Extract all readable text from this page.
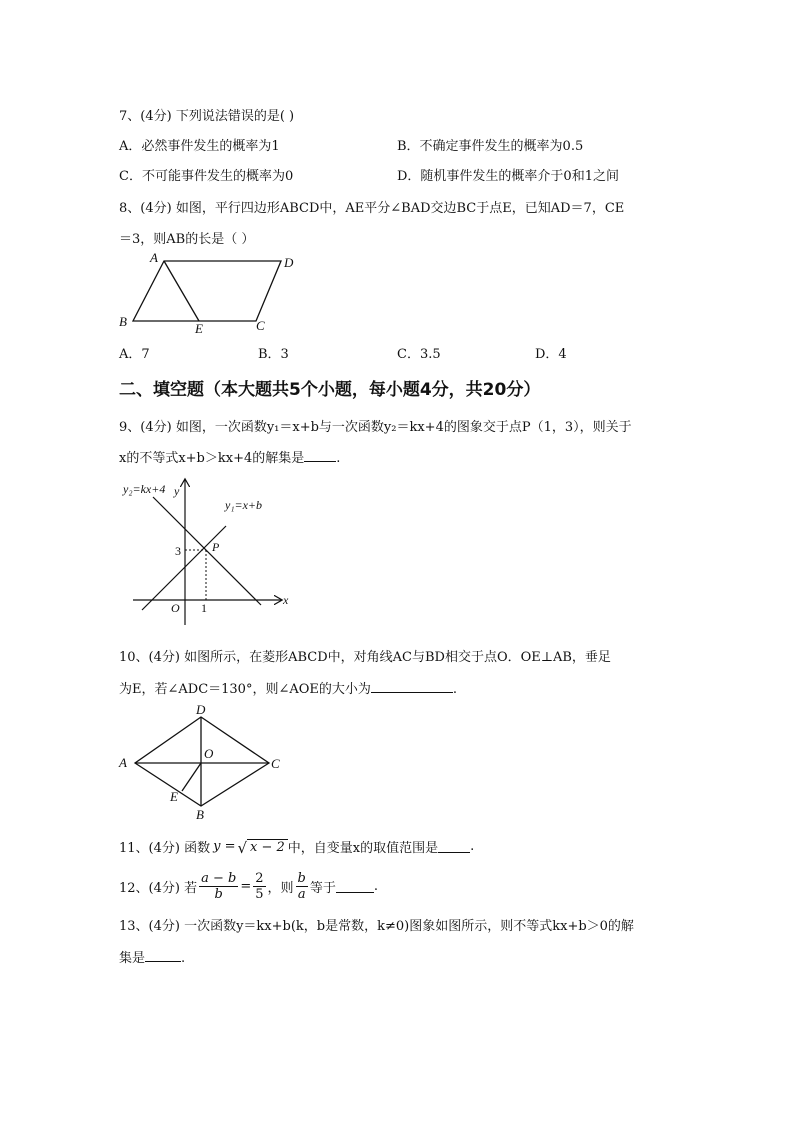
7、(4分) 下列说法错误的是( )
A．必然事件发生的概率为1	B．不确定事件发生的概率为0.5
C．不可能事件发生的概率为0	D．随机事件发生的概率介于0和1之间
8、(4分) 如图，平行四边形ABCD中，AE平分∠BAD交边BC于点E，已知AD＝7，CE
＝3，则AB的长是（ ）
A	D
B	E	C
A．7	B．3	C．3.5	D．4
二、填空题（本大题共5个小题，每小题4分，共20分）
9、(4分) 如图，一次函数y₁＝x+b与一次函数y₂＝kx+4的图象交于点P（1，3），则关于
x的不等式x+b＞kx+4的解集是 .
y₂=kx+4 y
y₁=x+b
P
3
O 1
x
10、(4分) 如图所示，在菱形ABCD中，对角线AC与BD相交于点O．OE⊥AB，垂足
为E，若∠ADC＝130°，则∠AOE的大小为	.
D
A	C
O
E
B
11、(4分) 函数 y = √ x − 2 中，自变量x的取值范围是 .
12、(4分) 若 $\frac{a - b}{b} = \frac{2}{5}$ ，则 $\frac{b}{a}$ 等于	.
13、(4分) 一次函数y＝kx+b(k，b是常数，k≠0)图象如图所示，则不等式kx+b＞0的解
集是	.
